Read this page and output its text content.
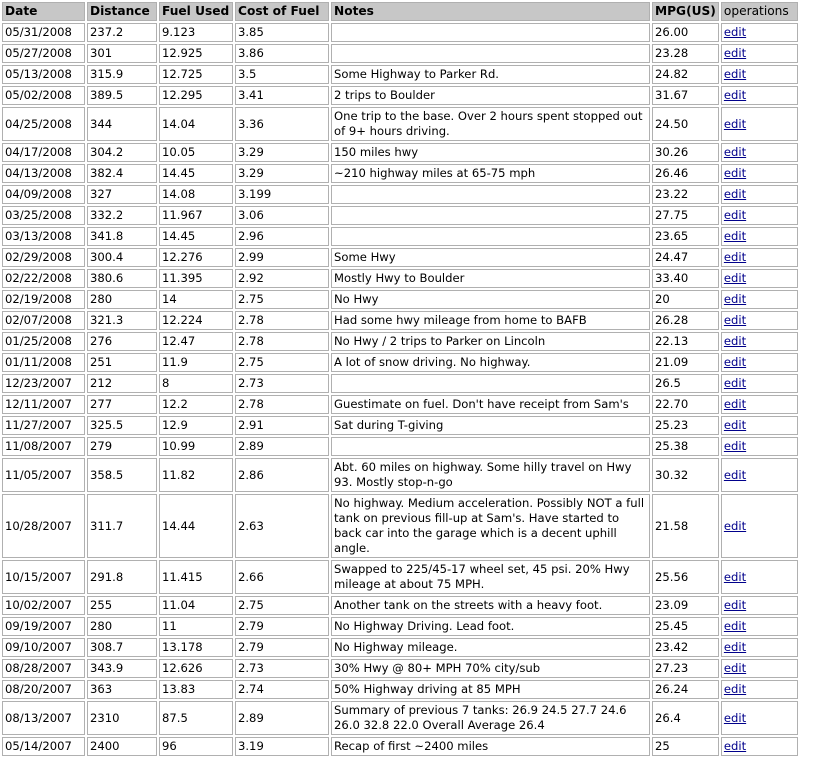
Date	Distance	Fuel Used	Cost of Fuel	Notes	MPG(US)	operations
05/31/2008	237.2	9.123	3.85		26.00	edit
05/27/2008	301	12.925	3.86		23.28	edit
05/13/2008	315.9	12.725	3.5	Some Highway to Parker Rd.	24.82	edit
05/02/2008	389.5	12.295	3.41	2 trips to Boulder	31.67	edit
04/25/2008	344	14.04	3.36	One trip to the base. Over 2 hours spent stopped out of 9+ hours driving.	24.50	edit
04/17/2008	304.2	10.05	3.29	150 miles hwy	30.26	edit
04/13/2008	382.4	14.45	3.29	~210 highway miles at 65-75 mph	26.46	edit
04/09/2008	327	14.08	3.199		23.22	edit
03/25/2008	332.2	11.967	3.06		27.75	edit
03/13/2008	341.8	14.45	2.96		23.65	edit
02/29/2008	300.4	12.276	2.99	Some Hwy	24.47	edit
02/22/2008	380.6	11.395	2.92	Mostly Hwy to Boulder	33.40	edit
02/19/2008	280	14	2.75	No Hwy	20	edit
02/07/2008	321.3	12.224	2.78	Had some hwy mileage from home to BAFB	26.28	edit
01/25/2008	276	12.47	2.78	No Hwy / 2 trips to Parker on Lincoln	22.13	edit
01/11/2008	251	11.9	2.75	A lot of snow driving. No highway.	21.09	edit
12/23/2007	212	8	2.73		26.5	edit
12/11/2007	277	12.2	2.78	Guestimate on fuel. Don't have receipt from Sam's	22.70	edit
11/27/2007	325.5	12.9	2.91	Sat during T-giving	25.23	edit
11/08/2007	279	10.99	2.89		25.38	edit
11/05/2007	358.5	11.82	2.86	Abt. 60 miles on highway. Some hilly travel on Hwy 93. Mostly stop-n-go	30.32	edit
10/28/2007	311.7	14.44	2.63	No highway. Medium acceleration. Possibly NOT a full tank on previous fill-up at Sam's. Have started to back car into the garage which is a decent uphill angle.	21.58	edit
10/15/2007	291.8	11.415	2.66	Swapped to 225/45-17 wheel set, 45 psi. 20% Hwy mileage at about 75 MPH.	25.56	edit
10/02/2007	255	11.04	2.75	Another tank on the streets with a heavy foot.	23.09	edit
09/19/2007	280	11	2.79	No Highway Driving. Lead foot.	25.45	edit
09/10/2007	308.7	13.178	2.79	No Highway mileage.	23.42	edit
08/28/2007	343.9	12.626	2.73	30% Hwy @ 80+ MPH 70% city/sub	27.23	edit
08/20/2007	363	13.83	2.74	50% Highway driving at 85 MPH	26.24	edit
08/13/2007	2310	87.5	2.89	Summary of previous 7 tanks: 26.9 24.5 27.7 24.6 26.0 32.8 22.0 Overall Average 26.4	26.4	edit
05/14/2007	2400	96	3.19	Recap of first ~2400 miles	25	edit
